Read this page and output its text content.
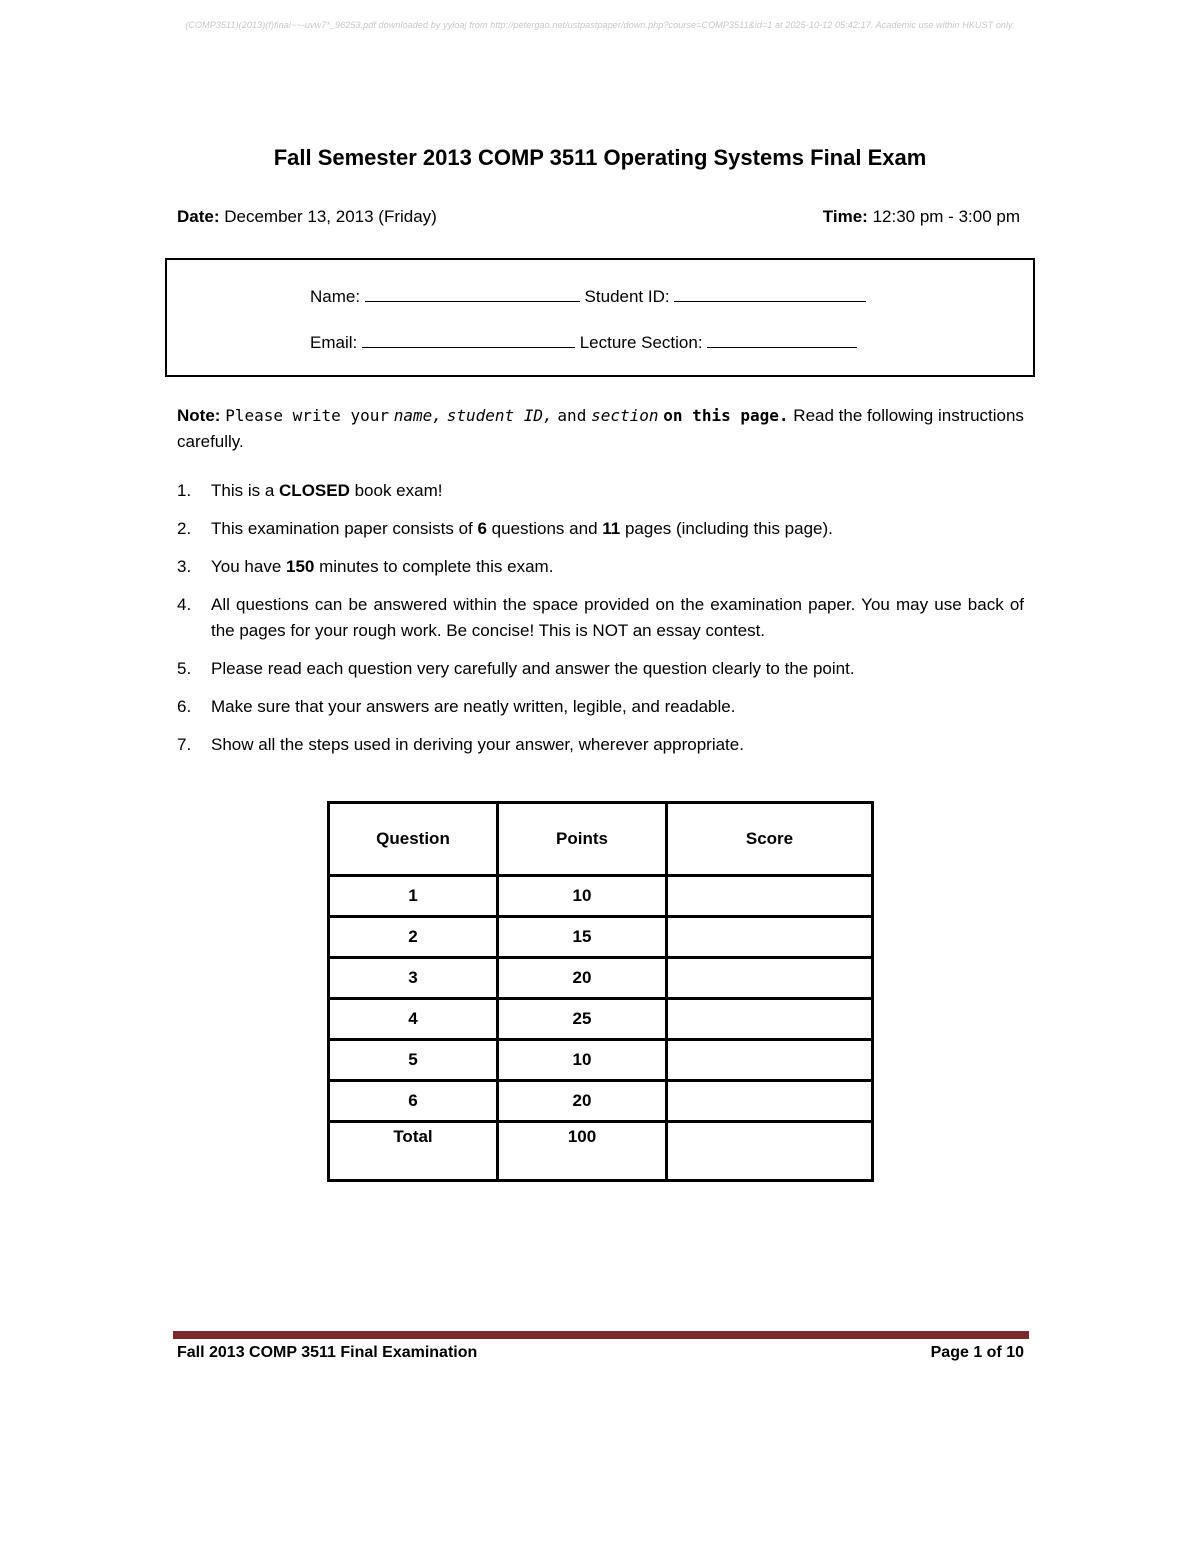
(COMP3511)(2013)(f)final~~-uvw7*_96253.pdf downloaded by yyloaj from http://petergao.net/ustpastpaper/down.php?course=COMP3511&id=1 at 2025-10-12 05:42:17. Academic use within HKUST only.
Fall Semester 2013 COMP 3511 Operating Systems Final Exam
Date: December 13, 2013 (Friday)	Time: 12:30 pm - 3:00 pm
Name:	Student ID:
Email:	Lecture Section:
Note: Please write your name, student ID, and section on this page. Read the following instructions carefully.
1. This is a CLOSED book exam!
2. This examination paper consists of 6 questions and 11 pages (including this page).
3. You have 150 minutes to complete this exam.
4. All questions can be answered within the space provided on the examination paper. You may use back of the pages for your rough work. Be concise! This is NOT an essay contest.
5. Please read each question very carefully and answer the question clearly to the point.
6. Make sure that your answers are neatly written, legible, and readable.
7. Show all the steps used in deriving your answer, wherever appropriate.
Question	Points	Score
1	10	
2	15	
3	20	
4	25	
5	10	
6	20	
Total	100	
Fall 2013 COMP 3511 Final Examination	Page 1 of 10
